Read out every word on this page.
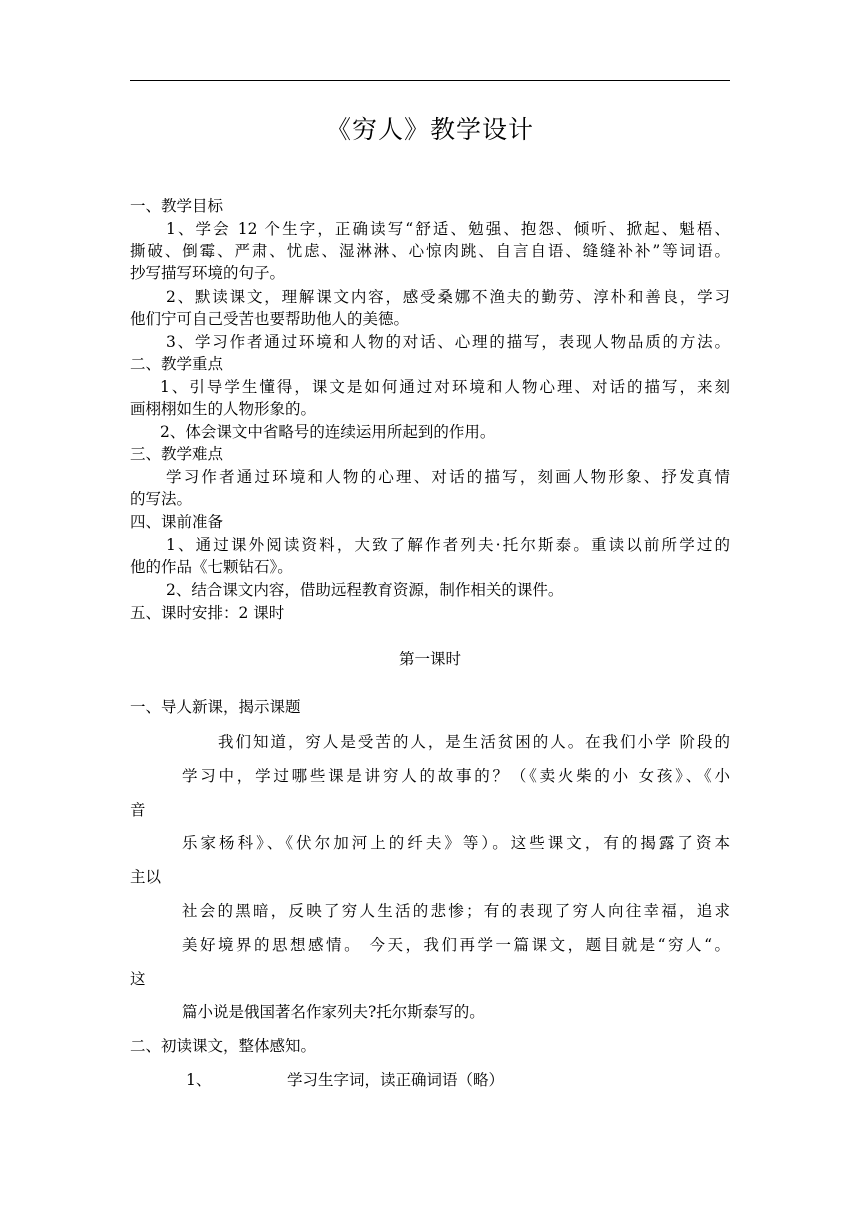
《穷人》教学设计
一、教学目标
1、学会 12 个生字，正确读写“舒适、勉强、抱怨、倾听、掀起、魁梧、
撕破、倒霉、严肃、忧虑、湿淋淋、心惊肉跳、自言自语、缝缝补补”等词语。
抄写描写环境的句子。
2、默读课文，理解课文内容，感受桑娜不渔夫的勤劳、淳朴和善良，学习
他们宁可自己受苦也要帮助他人的美德。
3、学习作者通过环境和人物的对话、心理的描写，表现人物品质的方法。
二、教学重点
1、引导学生懂得，课文是如何通过对环境和人物心理、对话的描写，来刻
画栩栩如生的人物形象的。
2、体会课文中省略号的连续运用所起到的作用。
三、教学难点
学习作者通过环境和人物的心理、对话的描写，刻画人物形象、抒发真情
的写法。
四、课前准备
1、通过课外阅读资料，大致了解作者列夫·托尔斯泰。重读以前所学过的
他的作品《七颗钻石》。
2、结合课文内容，借助远程教育资源，制作相关的课件。
五、课时安排：2 课时
第一课时
一、导人新课，揭示课题
我们知道，穷人是受苦的人，是生活贫困的人。在我们小学 阶段的
学习中，学过哪些课是讲穷人的故事的？（《卖火柴的小 女孩》、《小
音
乐家杨科》、《伏尔加河上的纤夫》等）。这些课文，有的揭露了资本
主以
社会的黑暗，反映了穷人生活的悲惨；有的表现了穷人向往幸福，追求
美好境界的思想感情。 今天，我们再学一篇课文，题目就是“穷人“。
这
篇小说是俄国著名作家列夫?托尔斯泰写的。
二、初读课文，整体感知。
1、	学习生字词，读正确词语（略）
